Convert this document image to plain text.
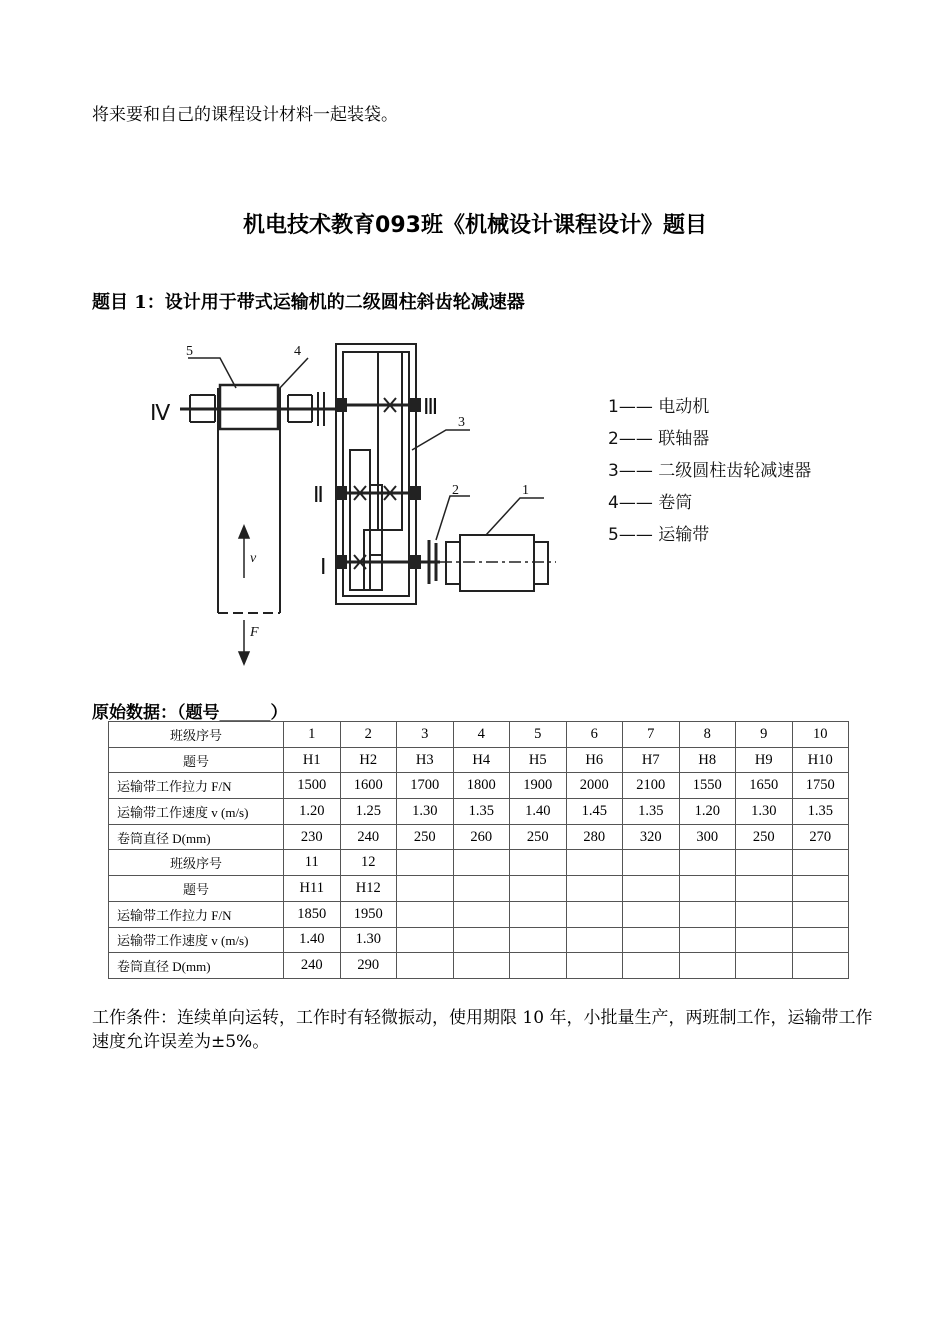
将来要和自己的课程设计材料一起装袋。
机电技术教育093班《机械设计课程设计》题目
题目 1：设计用于带式运输机的二级圆柱斜齿轮减速器
Ⅳ	Ⅲ
Ⅱ
Ⅰ
5	4
3
2	1
v
F
1—— 电动机
2—— 联轴器
3—— 二级圆柱齿轮减速器
4—— 卷筒
5—— 运输带
原始数据：（题号______）
班级序号	1	2	3	4	5	6	7	8	9	10
题号	H1	H2	H3	H4	H5	H6	H7	H8	H9	H10
运输带工作拉力 F/N	1500	1600	1700	1800	1900	2000	2100	1550	1650	1750
运输带工作速度 v (m/s)	1.20	1.25	1.30	1.35	1.40	1.45	1.35	1.20	1.30	1.35
卷筒直径 D(mm)	230	240	250	260	250	280	320	300	250	270
班级序号	11	12								
题号	H11	H12								
运输带工作拉力 F/N	1850	1950								
运输带工作速度 v (m/s)	1.40	1.30								
卷筒直径 D(mm)	240	290								
工作条件：连续单向运转，工作时有轻微振动，使用期限 10 年，小批量生产，两班制工作，运输带工作速度允许误差为±5%。
